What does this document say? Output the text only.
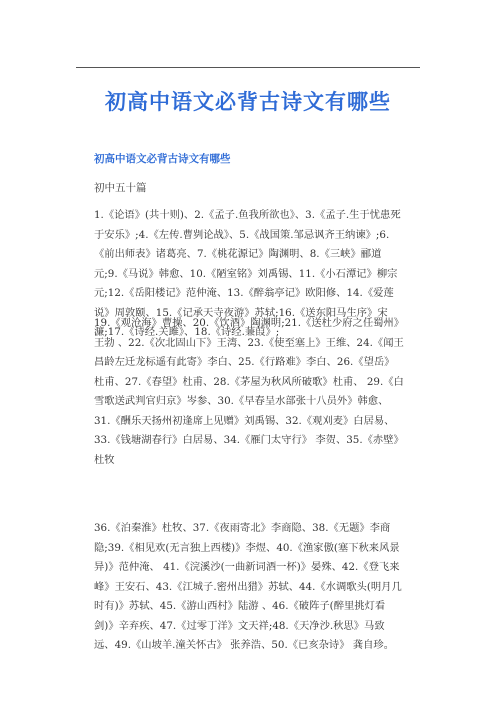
初高中语文必背古诗文有哪些
初高中语文必背古诗文有哪些
初中五十篇
1.《论语》(共十则)、2.《孟子.鱼我所欲也》、3.《孟子.生于忧患死于安乐》;4.《左传.曹刿论战》、5.《战国策.邹忌讽齐王纳谏》;6.《前出师表》诸葛亮、7.《桃花源记》陶渊明、8.《三峡》郦道元;9.《马说》韩愈、10.《陋室铭》刘禹锡、11.《小石潭记》柳宗元;12.《岳阳楼记》范仲淹、13.《醉翁亭记》欧阳修、14.《爱莲说》周敦颐、15.《记承天寺夜游》苏轼;16.《送东阳马生序》宋濂;17.《诗经.关雎》、18.《诗经.蒹葭》;
19.《观沧海》曹操、20.《饮酒》陶渊明;21.《送杜少府之任蜀州》王勃 、22.《次北固山下》王湾、23.《使至塞上》王维、24.《闻王昌龄左迁龙标遥有此寄》李白、25.《行路难》李白、26.《望岳》杜甫、27.《春望》杜甫、28.《茅屋为秋风所破歌》杜甫、 29.《白雪歌送武判官归京》岑参、30.《早春呈水部张十八员外》韩愈、31.《酬乐天扬州初逢席上见赠》刘禹锡、32.《观刈麦》白居易、33.《钱塘湖春行》白居易、34.《雁门太守行》 李贺、35.《赤壁》杜牧
36.《泊秦淮》杜牧、37.《夜雨寄北》李商隐、38.《无题》李商隐;39.《相见欢(无言独上西楼)》李煜、40.《渔家傲(塞下秋来风景异)》范仲淹、 41.《浣溪沙(一曲新词酒一杯)》晏殊、42.《登飞来峰》王安石、43.《江城子.密州出猎》苏轼、44.《水调歌头(明月几时有)》苏轼、45.《游山西村》陆游 、46.《破阵子(醉里挑灯看剑)》辛弃疾、47.《过零丁洋》文天祥;48.《天净沙.秋思》马致远、49.《山坡羊.潼关怀古》 张养浩、50.《已亥杂诗》 龚自珍。
